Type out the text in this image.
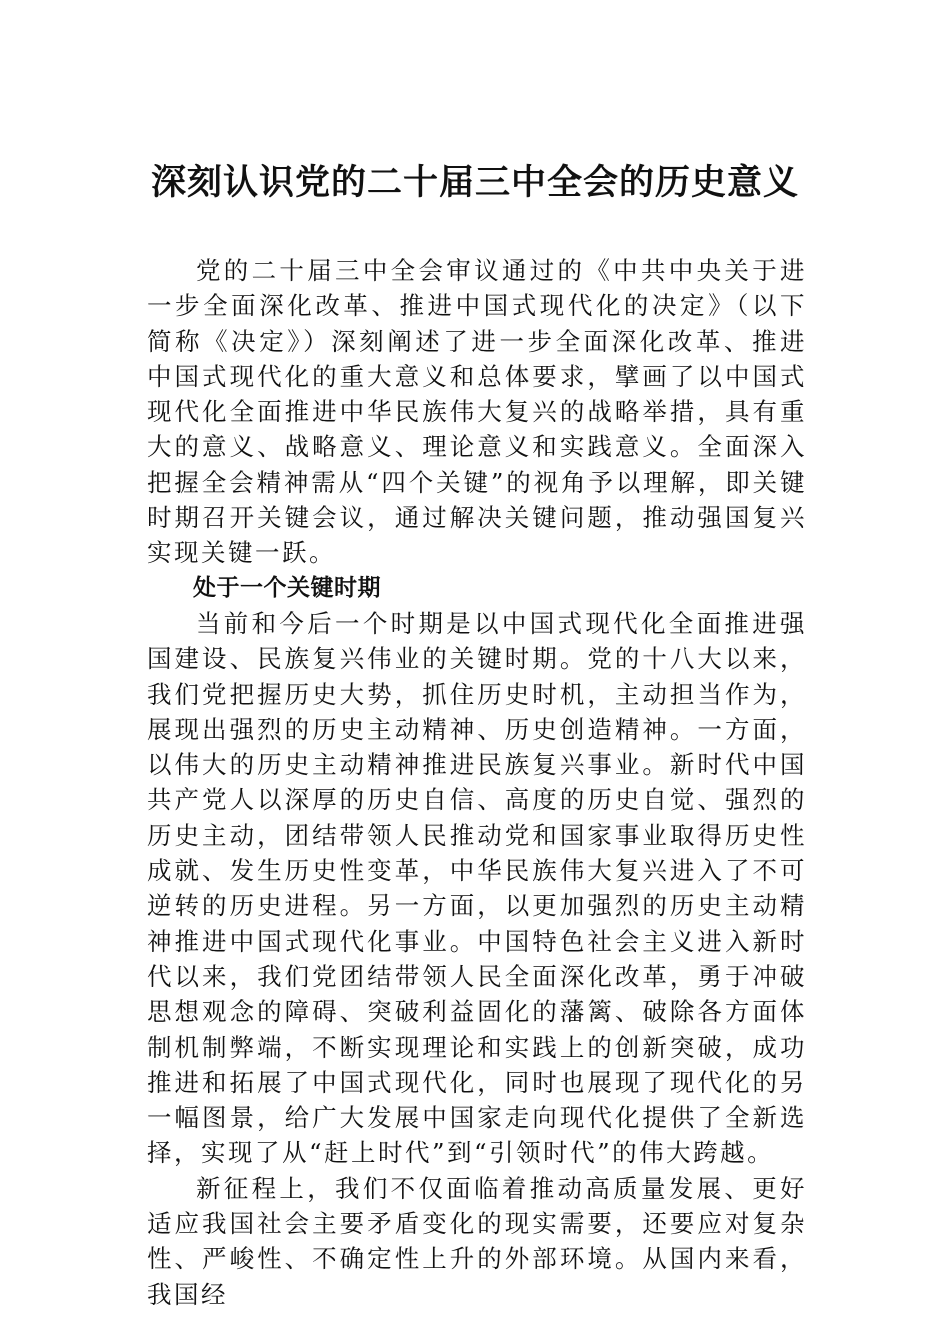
深刻认识党的二十届三中全会的历史意义

党的二十届三中全会审议通过的《中共中央关于进一步全面深化改革、推进中国式现代化的决定》（以下简称《决定》）深刻阐述了进一步全面深化改革、推进中国式现代化的重大意义和总体要求，擘画了以中国式现代化全面推进中华民族伟大复兴的战略举措，具有重大的意义、战略意义、理论意义和实践意义。全面深入把握全会精神需从“四个关键”的视角予以理解，即关键时期召开关键会议，通过解决关键问题，推动强国复兴实现关键一跃。

处于一个关键时期

当前和今后一个时期是以中国式现代化全面推进强国建设、民族复兴伟业的关键时期。党的十八大以来，我们党把握历史大势，抓住历史时机，主动担当作为，展现出强烈的历史主动精神、历史创造精神。一方面，以伟大的历史主动精神推进民族复兴事业。新时代中国共产党人以深厚的历史自信、高度的历史自觉、强烈的历史主动，团结带领人民推动党和国家事业取得历史性成就、发生历史性变革，中华民族伟大复兴进入了不可逆转的历史进程。另一方面，以更加强烈的历史主动精神推进中国式现代化事业。中国特色社会主义进入新时代以来，我们党团结带领人民全面深化改革，勇于冲破思想观念的障碍、突破利益固化的藩篱、破除各方面体制机制弊端，不断实现理论和实践上的创新突破，成功推进和拓展了中国式现代化，同时也展现了现代化的另一幅图景，给广大发展中国家走向现代化提供了全新选择，实现了从“赶上时代”到“引领时代”的伟大跨越。

新征程上，我们不仅面临着推动高质量发展、更好适应我国社会主要矛盾变化的现实需要，还要应对复杂性、严峻性、不确定性上升的外部环境。从国内来看，我国经
